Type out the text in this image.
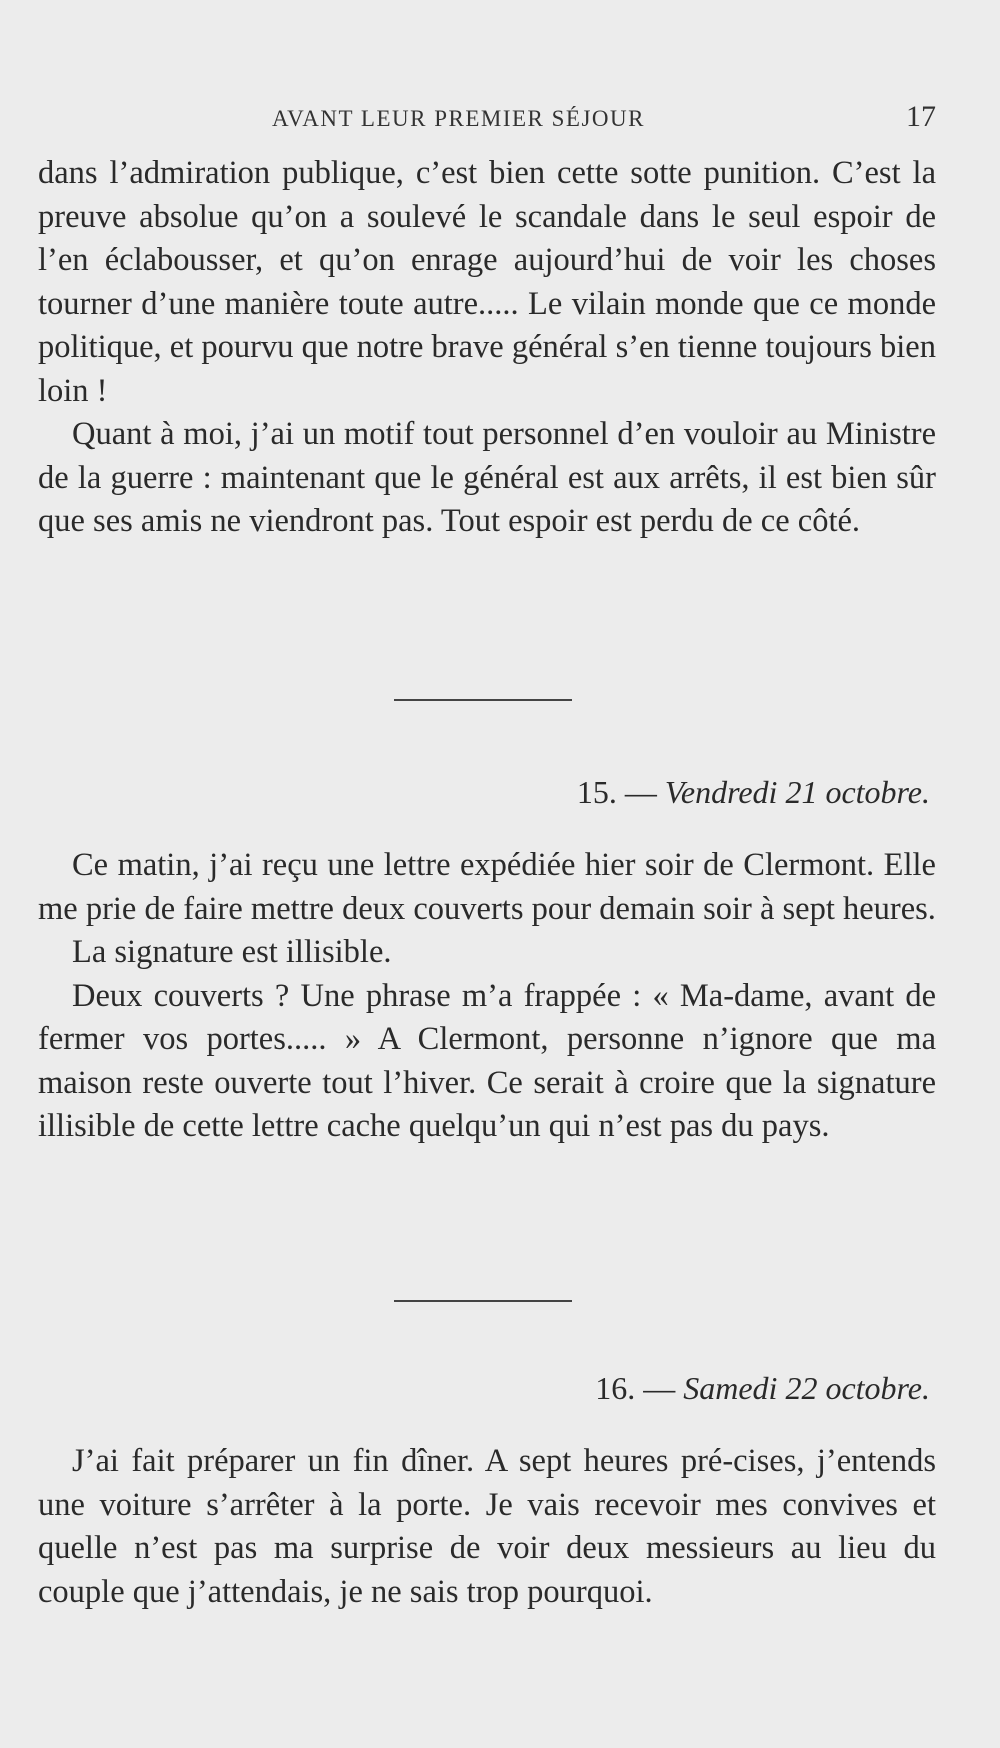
AVANT LEUR PREMIER SÉJOUR	17

dans l’admiration publique, c’est bien cette sotte punition. C’est la preuve absolue qu’on a soulevé le scandale dans le seul espoir de l’en éclabousser, et qu’on enrage aujourd’hui de voir les choses tourner d’une manière toute autre..... Le vilain monde que ce monde politique, et pourvu que notre brave général s’en tienne toujours bien loin !

Quant à moi, j’ai un motif tout personnel d’en vouloir au Ministre de la guerre : maintenant que le général est aux arrêts, il est bien sûr que ses amis ne viendront pas. Tout espoir est perdu de ce côté.

15. — Vendredi 21 octobre.

Ce matin, j’ai reçu une lettre expédiée hier soir de Clermont. Elle me prie de faire mettre deux couverts pour demain soir à sept heures.

La signature est illisible.

Deux couverts ? Une phrase m’a frappée : « Ma-dame, avant de fermer vos portes..... » A Clermont, personne n’ignore que ma maison reste ouverte tout l’hiver. Ce serait à croire que la signature illisible de cette lettre cache quelqu’un qui n’est pas du pays.

16. — Samedi 22 octobre.

J’ai fait préparer un fin dîner. A sept heures pré-cises, j’entends une voiture s’arrêter à la porte. Je vais recevoir mes convives et quelle n’est pas ma surprise de voir deux messieurs au lieu du couple que j’attendais, je ne sais trop pourquoi.
